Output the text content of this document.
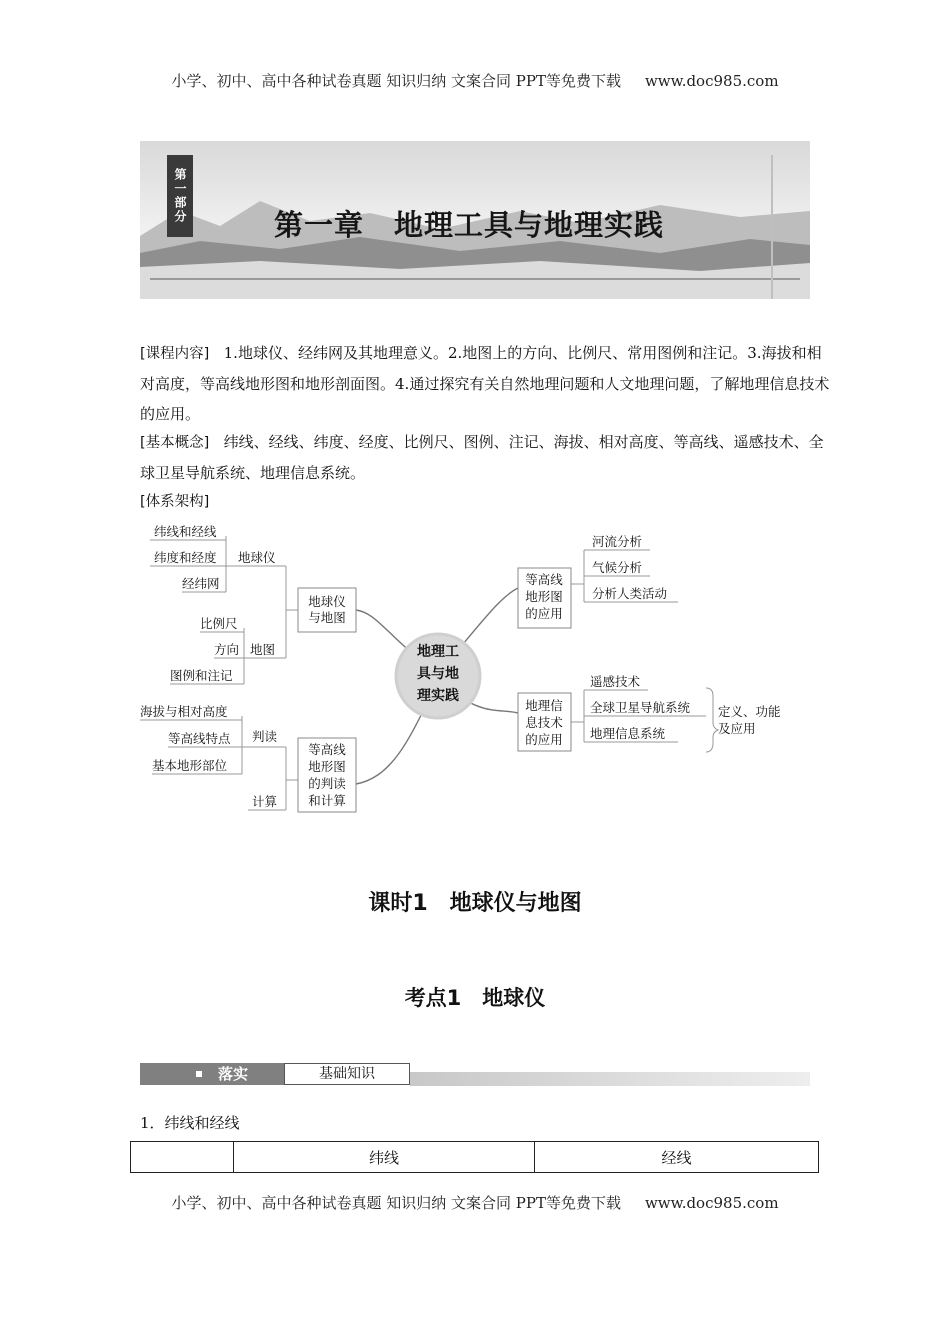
小学、初中、高中各种试卷真题 知识归纳 文案合同 PPT等免费下载 www.doc985.com
第一部分
第一章　地理工具与地理实践
[课程内容] 1.地球仪、经纬网及其地理意义。2.地图上的方向、比例尺、常用图例和注记。3.海拔和相对高度，等高线地形图和地形剖面图。4.通过探究有关自然地理问题和人文地理问题，了解地理信息技术的应用。
[基本概念] 纬线、经线、纬度、经度、比例尺、图例、注记、海拔、相对高度、等高线、遥感技术、全球卫星导航系统、地理信息系统。
[体系架构]
地理工
具与地
理实践
地球仪
与地图
地球仪
纬线和经线
纬度和经度
经纬网
地图
比例尺
方向
图例和注记
等高线
地形图
的判读
和计算
判读
海拔与相对高度
等高线特点
基本地形部位
计算
等高线
地形图
的应用
河流分析
气候分析
分析人类活动
地理信
息技术
的应用
遥感技术
全球卫星导航系统
地理信息系统
定义、功能
及应用
课时1　地球仪与地图
考点1　地球仪
落实	基础知识
1．纬线和经线
	纬线	经线
小学、初中、高中各种试卷真题 知识归纳 文案合同 PPT等免费下载 www.doc985.com
